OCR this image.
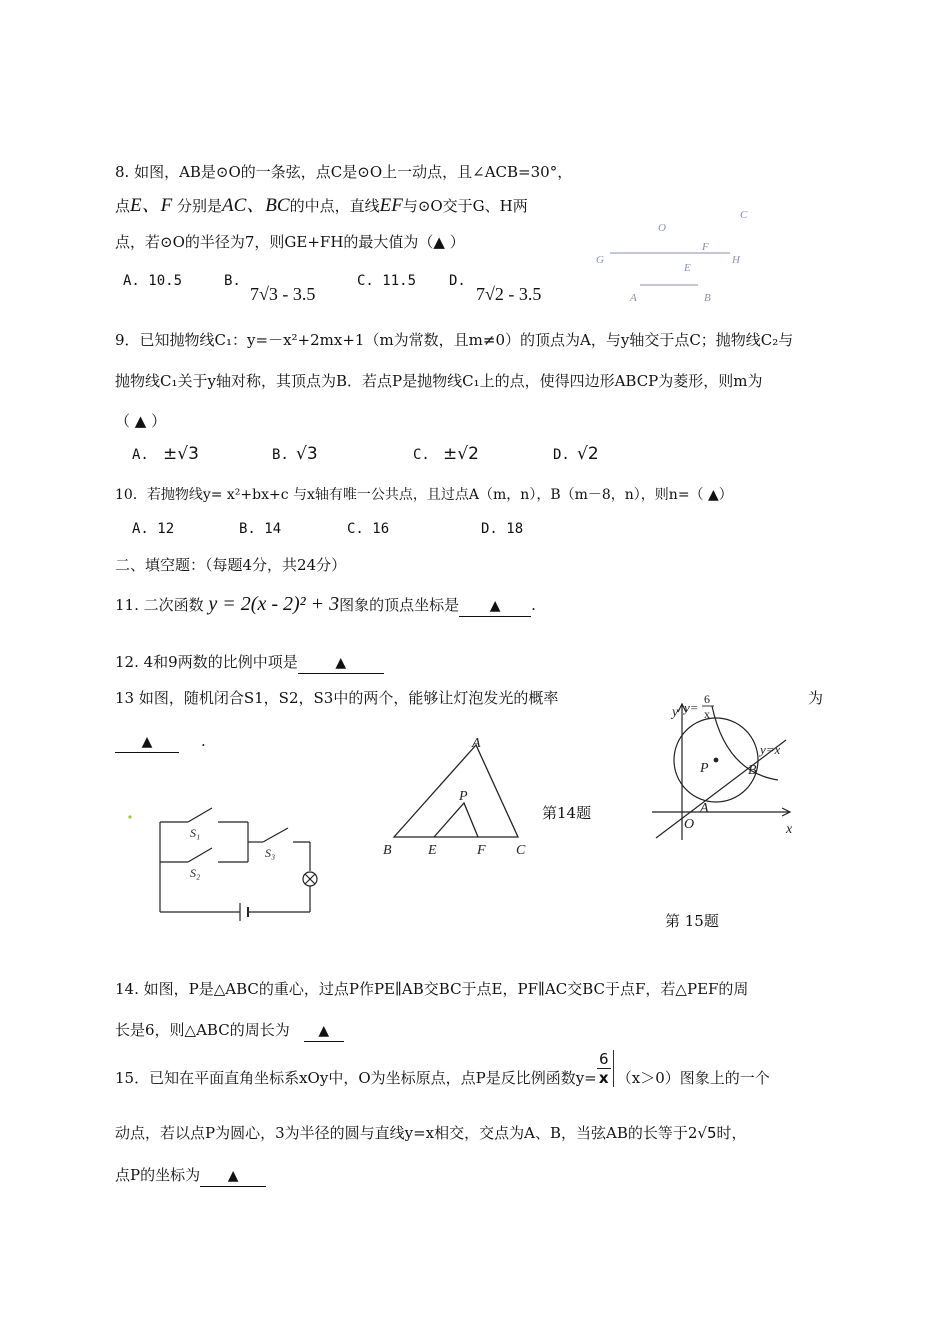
8. 如图，AB是⊙O的一条弦，点C是⊙O上一动点，且∠ACB=30°，
点E、F 分别是AC、BC的中点，直线EF与⊙O交于G、H两
点，若⊙O的半径为7，则GE+FH的最大值为（▲ ）
A. 10.5	B.
7√3 - 3.5
C. 11.5 D.
7√2 - 3.5
C
O
F
G
E
H
A	B
9．已知抛物线C₁：y=－x²+2mx+1（m为常数，且m≠0）的顶点为A，与y轴交于点C；抛物线C₂与
抛物线C₁关于y轴对称，其顶点为B．若点P是抛物线C₁上的点，使得四边形ABCP为菱形，则m为
（ ▲ ）
A. ±√3	B. √3	C. ±√2	D. √2
10．若抛物线y= x²+bx+c 与x轴有唯一公共点，且过点A（m，n），B（m－8，n），则n=（ ▲）
A. 12	B. 14	C. 16	D. 18
二、填空题：（每题4分，共24分）
11. 二次函数 y = 2(x - 2)² + 3图象的顶点坐标是 ▲ .
12. 4和9两数的比例中项是	▲
13 如图，随机闭合S1，S2，S3中的两个，能够让灯泡发光的概率	为
▲	.
S₁
S₂
S₃
A
P
B	E	F C
第14题
y y=
6
x
y=x
P	B
A
O	x
第 15题
14. 如图，P是△ABC的重心，过点P作PE∥AB交BC于点E，PF∥AC交BC于点F，若△PEF的周
长是6，则△ABC的周长为 ▲
15．已知在平面直角坐标系xOy中，O为坐标原点，点P是反比例函数$y= \frac{6}{x} (x>0)$图象上的一个
动点，若以点P为圆心，3为半径的圆与直线y=x相交，交点为A、B，当弦AB的长等于2√5时，
点P的坐标为 ▲
